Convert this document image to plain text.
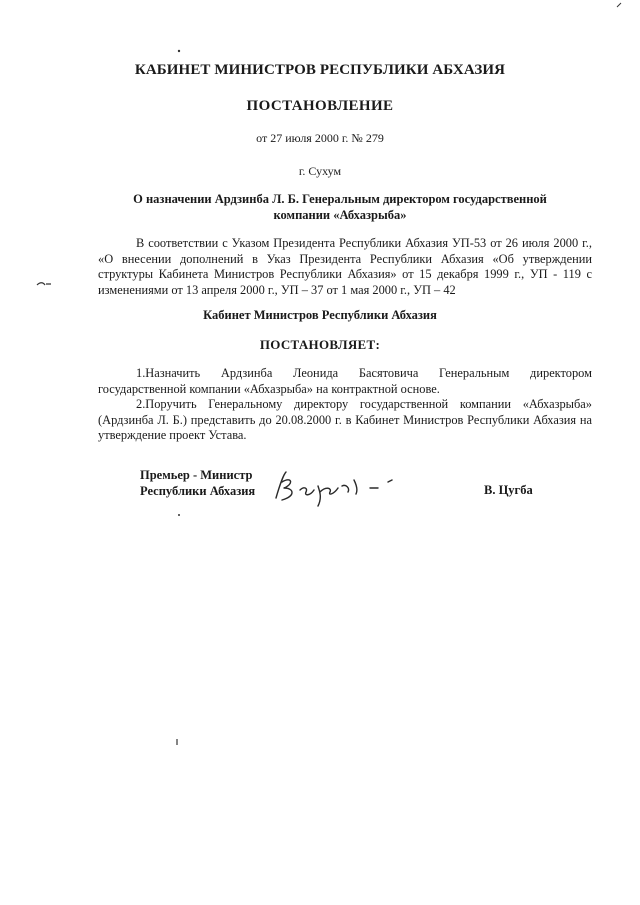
КАБИНЕТ МИНИСТРОВ РЕСПУБЛИКИ АБХАЗИЯ
ПОСТАНОВЛЕНИЕ
от 27 июля 2000 г. № 279
г. Сухум
О назначении Ардзинба Л. Б. Генеральным директором государственной
компании «Абхазрыба»
В соответствии с Указом Президента Республики Абхазия УП-53 от 26 июля 2000 г., «О внесении дополнений в Указ Президента Республики Абхазия «Об утверждении структуры Кабинета Министров Республики Абхазия» от 15 декабря 1999 г., УП - 119 с изменениями от 13 апреля 2000 г., УП – 37 от 1 мая 2000 г., УП – 42
Кабинет Министров Республики Абхазия
ПОСТАНОВЛЯЕТ:
1.Назначить Ардзинба Леонида Басятовича Генеральным директором государственной компании «Абхазрыба» на контрактной основе.
2.Поручить Генеральному директору государственной компании «Абхазрыба» (Ардзинба Л. Б.) представить до 20.08.2000 г. в Кабинет Министров Республики Абхазия на утверждение проект Устава.
Премьер - Министр
Республики Абхазия	В. Цугба
